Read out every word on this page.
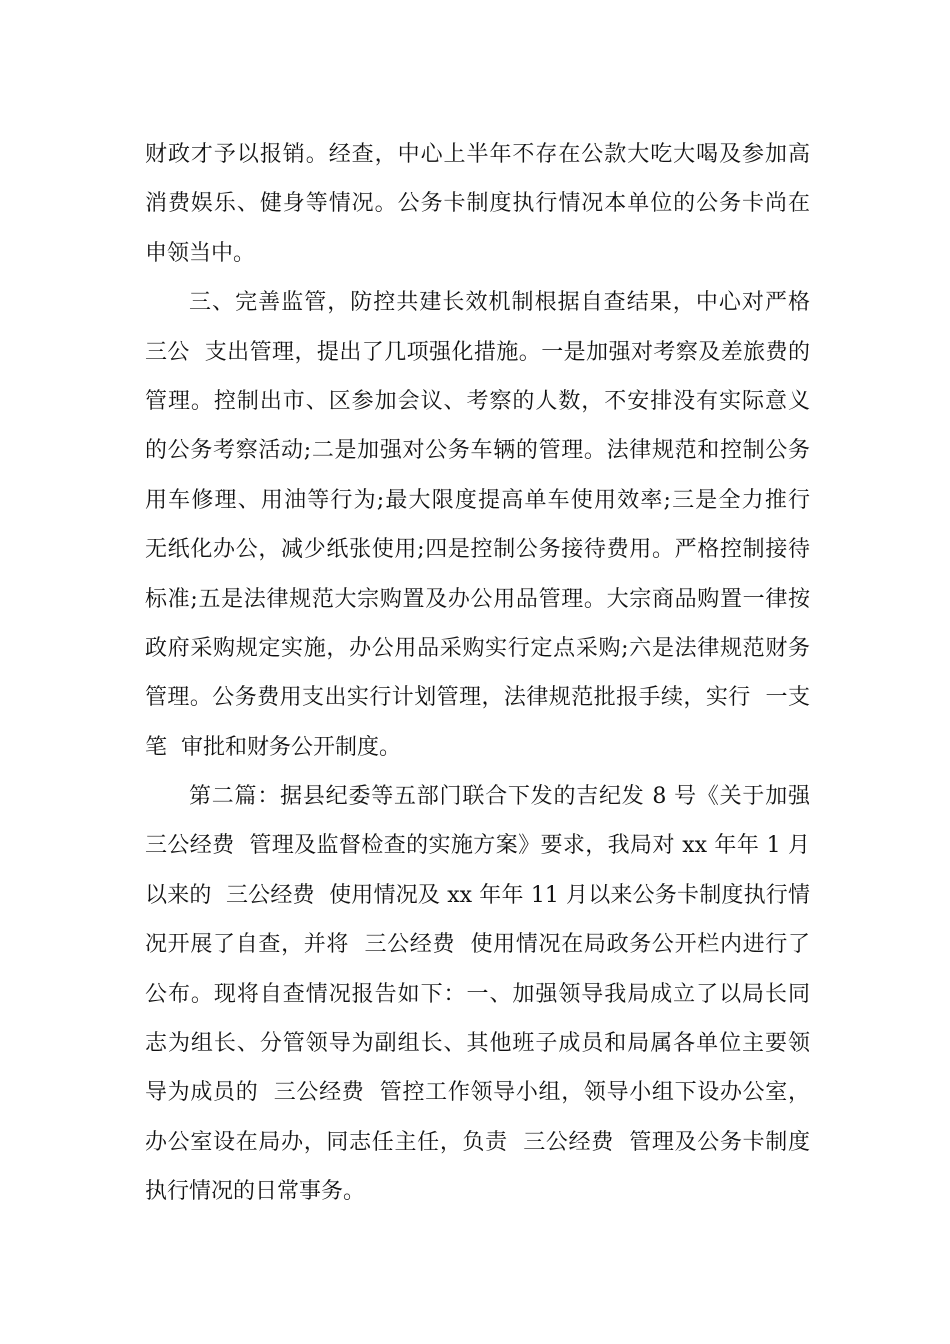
财政才予以报销。经查，中心上半年不存在公款大吃大喝及参加高
消费娱乐、健身等情况。公务卡制度执行情况本单位的公务卡尚在
申领当中。
三、完善监管，防控共建长效机制根据自查结果，中心对严格
三公  支出管理，提出了几项强化措施。一是加强对考察及差旅费的
管理。控制出市、区参加会议、考察的人数，不安排没有实际意义
的公务考察活动;二是加强对公务车辆的管理。法律规范和控制公务
用车修理、用油等行为;最大限度提高单车使用效率;三是全力推行
无纸化办公，减少纸张使用;四是控制公务接待费用。严格控制接待
标准;五是法律规范大宗购置及办公用品管理。大宗商品购置一律按
政府采购规定实施，办公用品采购实行定点采购;六是法律规范财务
管理。公务费用支出实行计划管理，法律规范批报手续，实行  一支
笔  审批和财务公开制度。
第二篇：据县纪委等五部门联合下发的吉纪发 8 号《关于加强
三公经费  管理及监督检查的实施方案》要求，我局对 xx 年年 1 月
以来的  三公经费  使用情况及 xx 年年 11 月以来公务卡制度执行情
况开展了自查，并将  三公经费  使用情况在局政务公开栏内进行了
公布。现将自查情况报告如下：一、加强领导我局成立了以局长同
志为组长、分管领导为副组长、其他班子成员和局属各单位主要领
导为成员的  三公经费  管控工作领导小组，领导小组下设办公室，
办公室设在局办，同志任主任，负责  三公经费  管理及公务卡制度
执行情况的日常事务。
